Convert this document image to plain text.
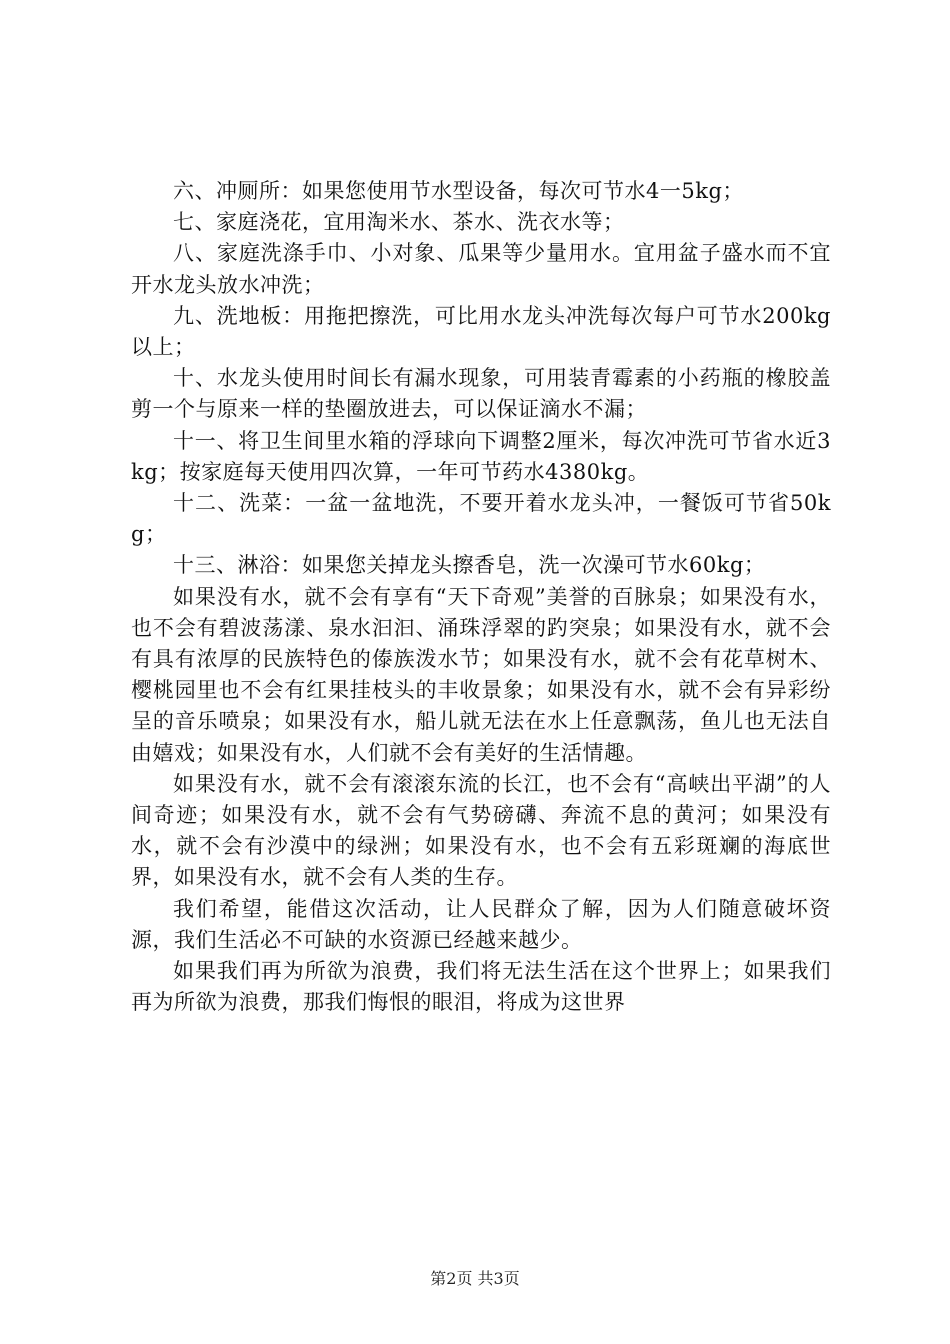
六、冲厕所：如果您使用节水型设备，每次可节水4一5kg；

七、家庭浇花，宜用淘米水、茶水、洗衣水等；

八、家庭洗涤手巾、小对象、瓜果等少量用水。宜用盆子盛水而不宜开水龙头放水冲洗；

九、洗地板：用拖把擦洗，可比用水龙头冲洗每次每户可节水200kg以上；

十、水龙头使用时间长有漏水现象，可用装青霉素的小药瓶的橡胶盖剪一个与原来一样的垫圈放进去，可以保证滴水不漏；

十一、将卫生间里水箱的浮球向下调整2厘米，每次冲洗可节省水近3kg；按家庭每天使用四次算，一年可节药水4380kg。

十二、洗菜：一盆一盆地洗，不要开着水龙头冲，一餐饭可节省50kg；

十三、淋浴：如果您关掉龙头擦香皂，洗一次澡可节水60kg；

如果没有水，就不会有享有“天下奇观”美誉的百脉泉；如果没有水，也不会有碧波荡漾、泉水汩汩、涌珠浮翠的趵突泉；如果没有水，就不会有具有浓厚的民族特色的傣族泼水节；如果没有水，就不会有花草树木、樱桃园里也不会有红果挂枝头的丰收景象；如果没有水，就不会有异彩纷呈的音乐喷泉；如果没有水，船儿就无法在水上任意飘荡，鱼儿也无法自由嬉戏；如果没有水，人们就不会有美好的生活情趣。

如果没有水，就不会有滚滚东流的长江，也不会有“高峡出平湖”的人间奇迹；如果没有水，就不会有气势磅礴、奔流不息的黄河；如果没有水，就不会有沙漠中的绿洲；如果没有水，也不会有五彩斑斓的海底世界，如果没有水，就不会有人类的生存。

我们希望，能借这次活动，让人民群众了解，因为人们随意破坏资源，我们生活必不可缺的水资源已经越来越少。

如果我们再为所欲为浪费，我们将无法生活在这个世界上；如果我们再为所欲为浪费，那我们悔恨的眼泪，将成为这世界

第2页 共3页
